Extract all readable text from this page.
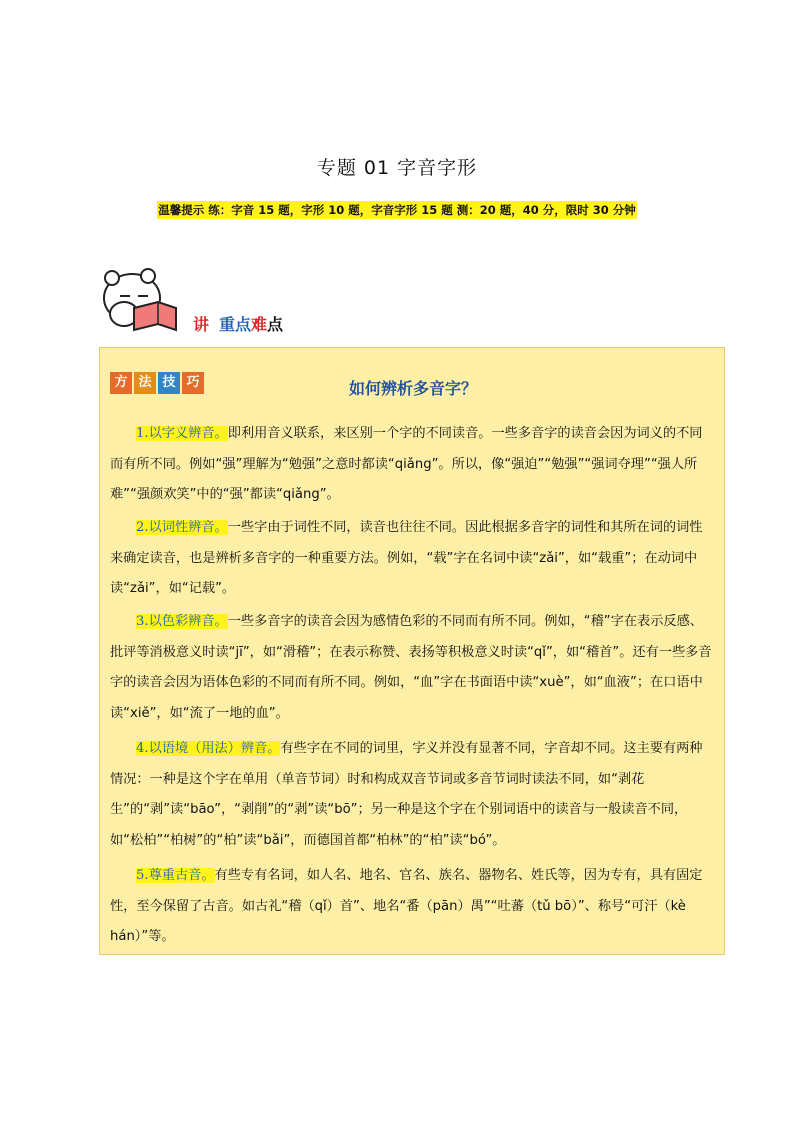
专题 01 字音字形
温馨提示 练：字音 15 题，字形 10 题，字音字形 15 题 测：20 题，40 分，限时 30 分钟
讲 重点难点
方 法 技 巧	如何辨析多音字？

1.以字义辨音。即利用音义联系，来区别一个字的不同读音。一些多音字的读音会因为词义的不同而有所不同。例如“强”理解为“勉强”之意时都读“qiǎng”。所以，像“强迫”“勉强”“强词夺理”“强人所难”“强颜欢笑”中的“强”都读“qiǎng”。

2.以词性辨音。一些字由于词性不同，读音也往往不同。因此根据多音字的词性和其所在词的词性来确定读音，也是辨析多音字的一种重要方法。例如，“载”字在名词中读“zǎi”，如“载重”；在动词中读“zǎi”，如“记载”。

3.以色彩辨音。一些多音字的读音会因为感情色彩的不同而有所不同。例如，“稽”字在表示反感、批评等消极意义时读“jī”，如“滑稽”；在表示称赞、表扬等积极意义时读“qǐ”，如“稽首”。还有一些多音字的读音会因为语体色彩的不同而有所不同。例如，“血”字在书面语中读“xuè”，如“血液”；在口语中读“xiě”，如“流了一地的血”。

4.以语境（用法）辨音。有些字在不同的词里，字义并没有显著不同，字音却不同。这主要有两种情况：一种是这个字在单用（单音节词）时和构成双音节词或多音节词时读法不同，如“剥花生”的“剥”读“bāo”，“剥削”的“剥”读“bō”；另一种是这个字在个别词语中的读音与一般读音不同，如“松柏”“柏树”的“柏”读“bǎi”，而德国首都“柏林”的“柏”读“bó”。

5.尊重古音。有些专有名词，如人名、地名、官名、族名、器物名、姓氏等，因为专有，具有固定性，至今保留了古音。如古礼“稽（qǐ）首”、地名“番（pān）禺”“吐蕃（tǔ bō）”、称号“可汗（kè hán）”等。
